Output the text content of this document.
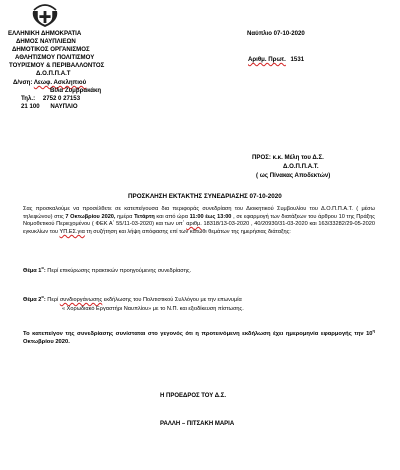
ΕΛΛΗΝΙΚΗ ΔΗΜΟΚΡΑΤΙΑ
ΔΗΜΟΣ ΝΑΥΠΛΙΕΩΝ
ΔΗΜΟΤΙΚΟΣ ΟΡΓΑΝΙΣΜΟΣ
ΑΘΛΗΤΙΣΜΟΥ ΠΟΛΙΤΙΣΜΟΥ
ΤΟΥΡΙΣΜΟΥ & ΠΕΡΙΒΑΛΛΟΝΤΟΣ
Δ.Ο.Π.Π.Α.Τ
Δ/νση: Λεωφ. Ασκληπιού
Βίλα Ζυμβρακάκη
Τηλ.: 2752 0 27153
21 100 ΝΑΥΠΛΙΟ
Ναύπλιο 07-10-2020
Αριθμ. Πρωτ. 1531
ΠΡΟΣ: κ.κ. Μέλη του Δ.Σ.
Δ.Ο.Π.Π.Α.Τ.
( ως Πίνακας Αποδεκτών)
ΠΡΟΣΚΛΗΣΗ ΕΚΤΑΚΤΗΣ ΣΥΝΕΔΡΙΑΣΗΣ 07-10-2020
Σας προσκαλούμε να προσέλθετε σε κατεπείγουσα δια περιφοράς συνεδρίαση του Διοικητικού Συμβουλίου του Δ.Ο.Π.Π.Α.Τ. ( μέσω τηλεφώνου) στις 7 Οκτωβρίου 2020, ημέρα Τετάρτη και από ώρα 11:00 έως 13:00 , σε εφαρμογή των διατάξεων του άρθρου 10 της Πράξης Νομοθετικού Περιεχομένου ( ΦΕΚ Α΄ 55/11-03-2020) και των υπ΄ αριθμ. 18318/13-03-2020 , 40/20930/31-03-2020 και 163/33282/29-05-2020 εγκυκλίων του ΥΠ.ΕΣ.για τη συζήτηση και λήψη απόφασης επί των κάτωθι θεμάτων της ημερήσιας διάταξης:
Θέμα $1^o$: Περί επικύρωσης πρακτικών προηγούμενης συνεδρίασης.
Θέμα $2^o$: Περί συνδιοργάνωσης εκδήλωσης του Πολιτιστικού Συλλόγου με την επωνυμία
« Χορωδιακό Εργαστήρι Ναυπλίου» με το Ν.Π. και εξειδίκευση πίστωσης.
Το κατεπείγον της συνεδρίασης συνίσταται στο γεγονός ότι η προτεινόμενη εκδήλωση έχει ημερομηνία εφαρμογής την $10^\eta$ Οκτωβρίου 2020.
Η ΠΡΟΕΔΡΟΣ ΤΟΥ Δ.Σ.
ΡΑΛΛΗ – ΠΙΤΣΑΚΗ ΜΑΡΙΑ
